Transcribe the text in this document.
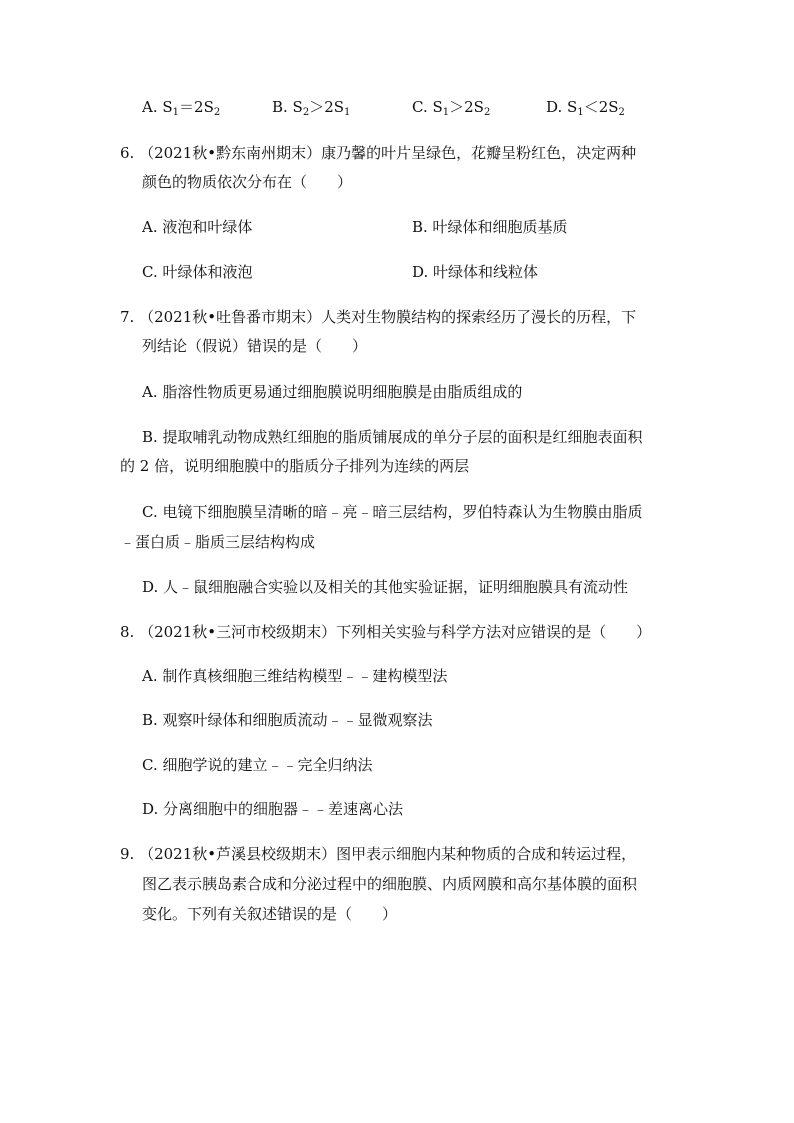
A. $S_1=2S_2$	B. $S_2>2S_1$	C. $S_1>2S_2$	D. $S_1<2S_2$
6. （2021秋•黔东南州期末）康乃馨的叶片呈绿色，花瓣呈粉红色，决定两种
颜色的物质依次分布在（　　）
A. 液泡和叶绿体	B. 叶绿体和细胞质基质
C. 叶绿体和液泡	D. 叶绿体和线粒体
7. （2021秋•吐鲁番市期末）人类对生物膜结构的探索经历了漫长的历程，下
列结论（假说）错误的是（　　）
A. 脂溶性物质更易通过细胞膜说明细胞膜是由脂质组成的
B. 提取哺乳动物成熟红细胞的脂质铺展成的单分子层的面积是红细胞表面积
的 2 倍，说明细胞膜中的脂质分子排列为连续的两层
C. 电镜下细胞膜呈清晰的暗﹣亮﹣暗三层结构，罗伯特森认为生物膜由脂质
﹣蛋白质﹣脂质三层结构构成
D. 人﹣鼠细胞融合实验以及相关的其他实验证据，证明细胞膜具有流动性
8. （2021秋•三河市校级期末）下列相关实验与科学方法对应错误的是（　　）
A. 制作真核细胞三维结构模型﹣﹣建构模型法
B. 观察叶绿体和细胞质流动﹣﹣显微观察法
C. 细胞学说的建立﹣﹣完全归纳法
D. 分离细胞中的细胞器﹣﹣差速离心法
9. （2021秋•芦溪县校级期末）图甲表示细胞内某种物质的合成和转运过程，
图乙表示胰岛素合成和分泌过程中的细胞膜、内质网膜和高尔基体膜的面积
变化。下列有关叙述错误的是（　　）
